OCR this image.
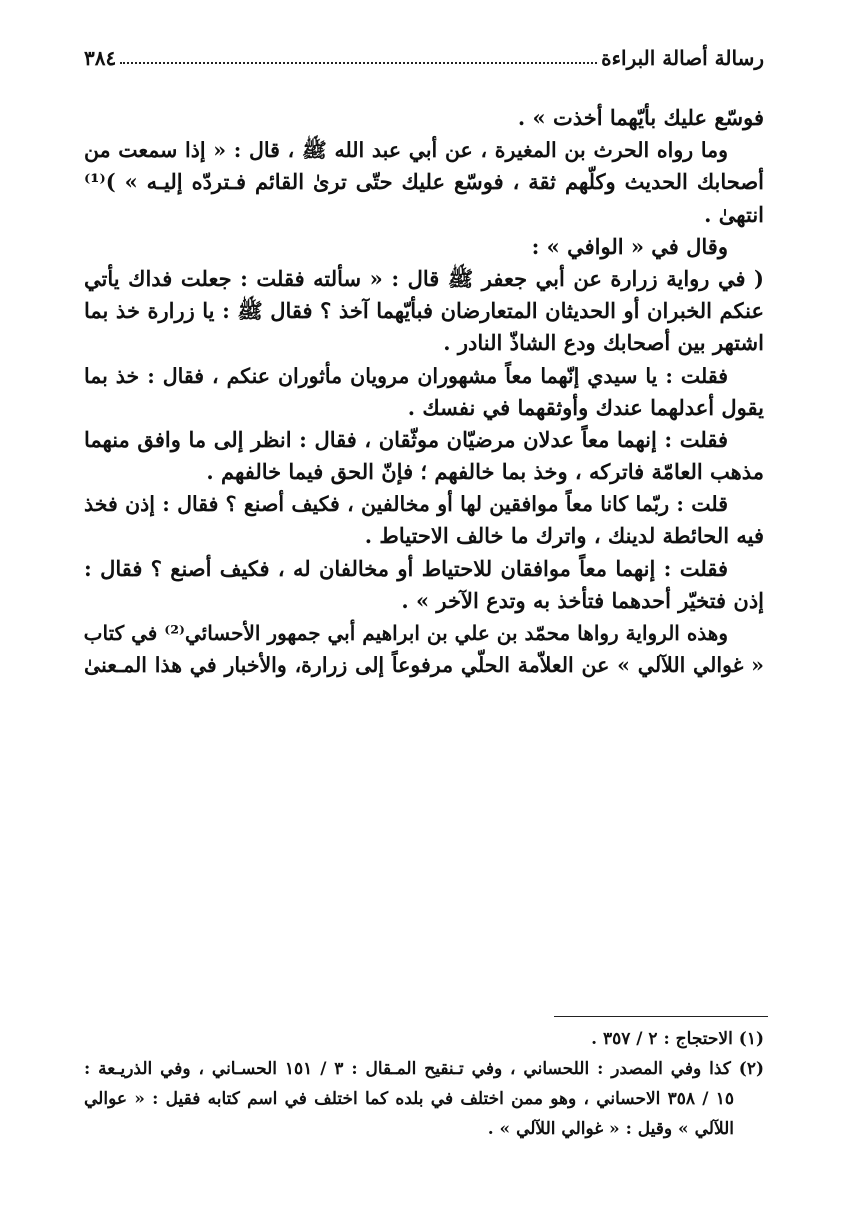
رسالة أصالة البراءة
٣٨٤
فوسّع عليك بأيّهما أخذت » .
وما رواه الحرث بن المغيرة ، عن أبي عبد الله ﷺ ، قال : « إذا سمعت من
أصحابك الحديث وكلّهم ثقة ، فوسّع عليك حتّى ترىٰ القائم فـتردّه إليـه » )⁽¹⁾
انتهىٰ .
وقال في « الوافي » :
( في رواية زرارة عن أبي جعفر ﷺ قال : « سألته فقلت : جعلت فداك يأتي
عنكم الخبران أو الحديثان المتعارضان فبأيّهما آخذ ؟ فقال ﷺ : يا زرارة خذ بما
اشتهر بين أصحابك ودع الشاذّ النادر .
فقلت : يا سيدي إنّهما معاً مشهوران مرويان مأثوران عنكم ، فقال : خذ بما
يقول أعدلهما عندك وأوثقهما في نفسك .
فقلت : إنهما معاً عدلان مرضيّان موثّقان ، فقال : انظر إلى ما وافق منهما
مذهب العامّة فاتركه ، وخذ بما خالفهم ؛ فإنّ الحق فيما خالفهم .
قلت : ربّما كانا معاً موافقين لها أو مخالفين ، فكيف أصنع ؟ فقال : إذن فخذ
فيه الحائطة لدينك ، واترك ما خالف الاحتياط .
فقلت : إنهما معاً موافقان للاحتياط أو مخالفان له ، فكيف أصنع ؟ فقال :
إذن فتخيّر أحدهما فتأخذ به وتدع الآخر » .
وهذه الرواية رواها محمّد بن علي بن ابراهيم أبي جمهور الأحسائي⁽²⁾ في كتاب
« غوالي اللآلي » عن العلاّمة الحلّي مرفوعاً إلى زرارة، والأخبار في هذا المـعنىٰ
(١) الاحتجاج : ٢ / ٣٥٧ .
(٢) كذا وفي المصدر : اللحساني ، وفي تـنقيح المـقال : ٣ / ١٥١ الحسـاني ، وفي الذريـعة :
١٥ / ٣٥٨ الاحساني ، وهو ممن اختلف في بلده كما اختلف في اسم كتابه فقيل : « عوالي
اللآلي » وقيل : « غوالي اللآلي » .
